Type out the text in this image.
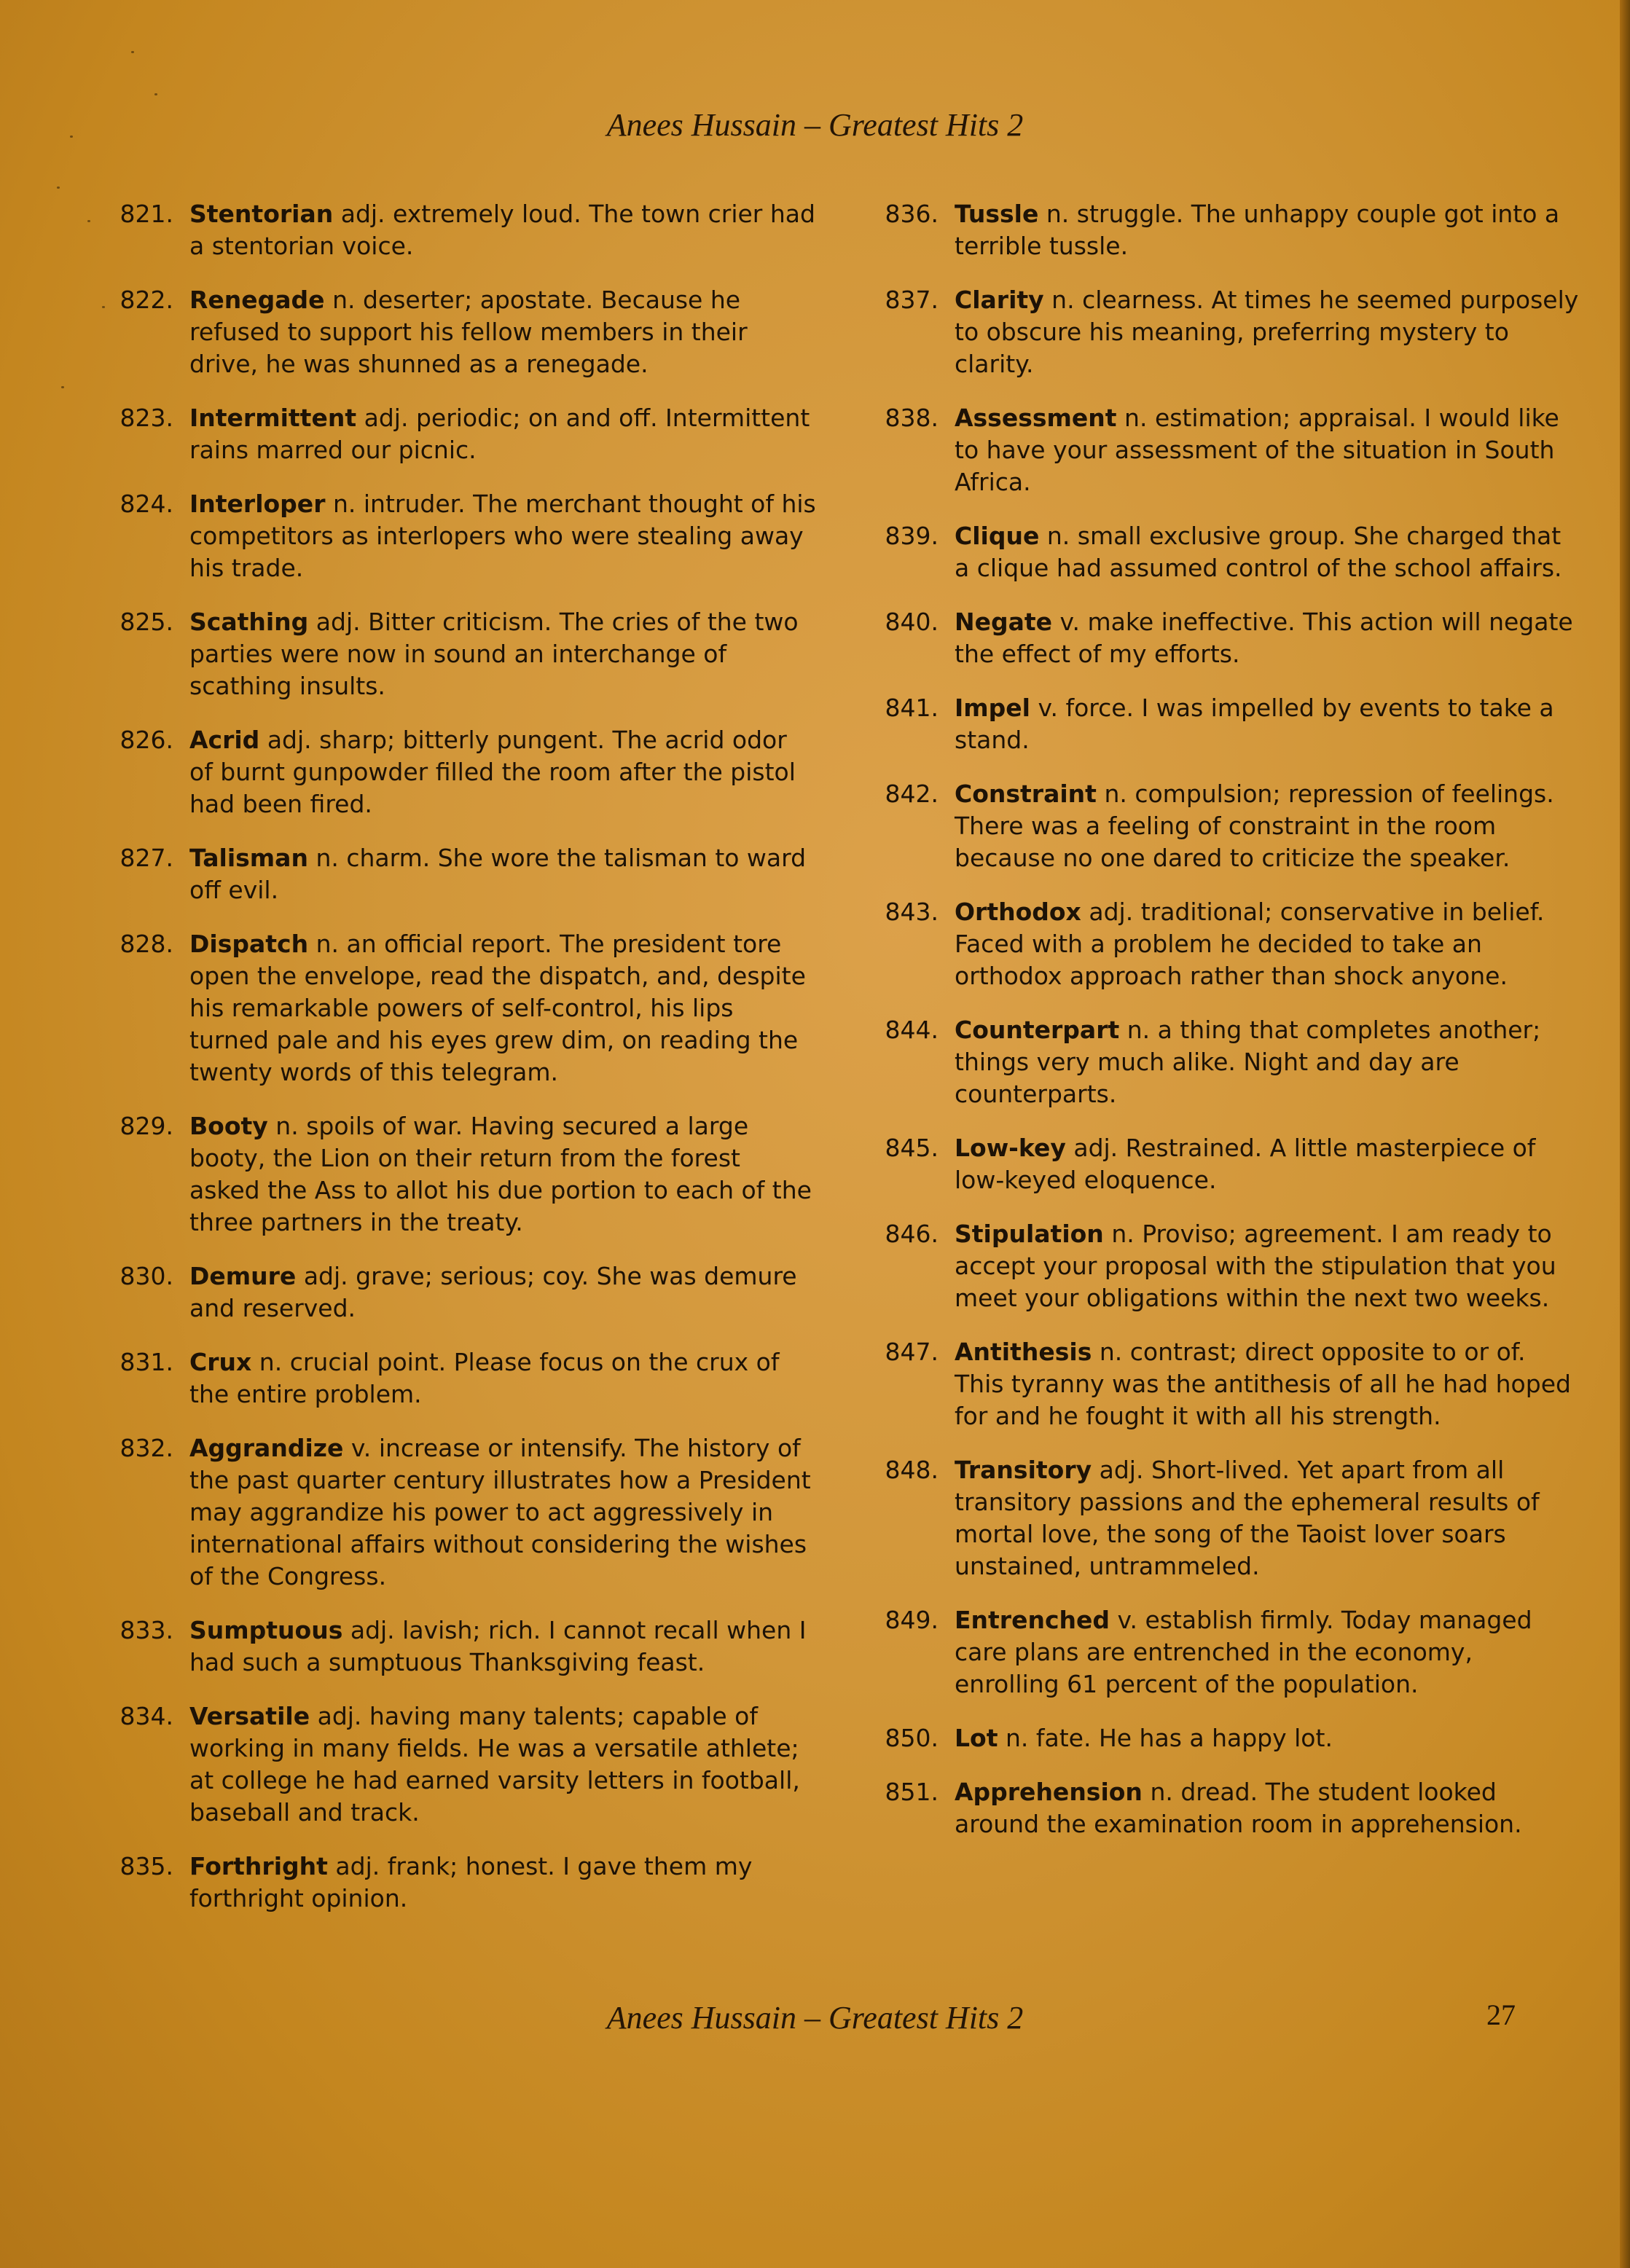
Anees Hussain – Greatest Hits 2
821. Stentorian adj. extremely loud. The town crier had a stentorian voice.
822. Renegade n. deserter; apostate. Because he refused to support his fellow members in their drive, he was shunned as a renegade.
823. Intermittent adj. periodic; on and off. Intermittent rains marred our picnic.
824. Interloper n. intruder. The merchant thought of his competitors as interlopers who were stealing away his trade.
825. Scathing adj. Bitter criticism. The cries of the two parties were now in sound an interchange of scathing insults.
826. Acrid adj. sharp; bitterly pungent. The acrid odor of burnt gunpowder filled the room after the pistol had been fired.
827. Talisman n. charm. She wore the talisman to ward off evil.
828. Dispatch n. an official report. The president tore open the envelope, read the dispatch, and, despite his remarkable powers of self-control, his lips turned pale and his eyes grew dim, on reading the twenty words of this telegram.
829. Booty n. spoils of war. Having secured a large booty, the Lion on their return from the forest asked the Ass to allot his due portion to each of the three partners in the treaty.
830. Demure adj. grave; serious; coy. She was demure and reserved.
831. Crux n. crucial point. Please focus on the crux of the entire problem.
832. Aggrandize v. increase or intensify. The history of the past quarter century illustrates how a President may aggrandize his power to act aggressively in international affairs without considering the wishes of the Congress.
833. Sumptuous adj. lavish; rich. I cannot recall when I had such a sumptuous Thanksgiving feast.
834. Versatile adj. having many talents; capable of working in many fields. He was a versatile athlete; at college he had earned varsity letters in football, baseball and track.
835. Forthright adj. frank; honest. I gave them my forthright opinion.
836. Tussle n. struggle. The unhappy couple got into a terrible tussle.
837. Clarity n. clearness. At times he seemed purposely to obscure his meaning, preferring mystery to clarity.
838. Assessment n. estimation; appraisal. I would like to have your assessment of the situation in South Africa.
839. Clique n. small exclusive group. She charged that a clique had assumed control of the school affairs.
840. Negate v. make ineffective. This action will negate the effect of my efforts.
841. Impel v. force. I was impelled by events to take a stand.
842. Constraint n. compulsion; repression of feelings. There was a feeling of constraint in the room because no one dared to criticize the speaker.
843. Orthodox adj. traditional; conservative in belief. Faced with a problem he decided to take an orthodox approach rather than shock anyone.
844. Counterpart n. a thing that completes another; things very much alike. Night and day are counterparts.
845. Low-key adj. Restrained. A little masterpiece of low-keyed eloquence.
846. Stipulation n. Proviso; agreement. I am ready to accept your proposal with the stipulation that you meet your obligations within the next two weeks.
847. Antithesis n. contrast; direct opposite to or of. This tyranny was the antithesis of all he had hoped for and he fought it with all his strength.
848. Transitory adj. Short-lived. Yet apart from all transitory passions and the ephemeral results of mortal love, the song of the Taoist lover soars unstained, untrammeled.
849. Entrenched v. establish firmly. Today managed care plans are entrenched in the economy, enrolling 61 percent of the population.
850. Lot n. fate. He has a happy lot.
851. Apprehension n. dread. The student looked around the examination room in apprehension.
Anees Hussain – Greatest Hits 2	27
